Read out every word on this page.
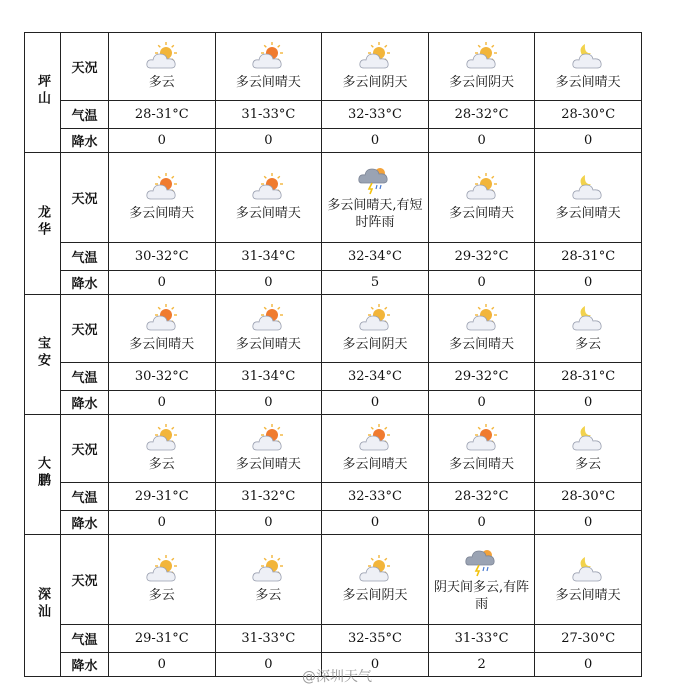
坪山	天况	多云	多云间晴天	多云间阴天	多云间阴天	多云间晴天

	气温	28-31°C	31-33°C	32-33°C	28-32°C	28-30°C
	降水	0	0	0	0	0
龙华	天况	多云间晴天	多云间晴天	多云间晴天,有短时阵雨	多云间晴天	多云间晴天

	气温	30-32°C	31-34°C	32-34°C	29-32°C	28-31°C
	降水	0	0	5	0	0
宝安	天况	多云间晴天	多云间晴天	多云间阴天	多云间晴天	多云

	气温	30-32°C	31-34°C	32-34°C	29-32°C	28-31°C
	降水	0	0	0	0	0
大鹏	天况	多云	多云间晴天	多云间晴天	多云间晴天	多云

	气温	29-31°C	31-32°C	32-33°C	28-32°C	28-30°C
	降水	0	0	0	0	0
深汕	天况	多云	多云	多云间阴天	阴天间多云,有阵雨	多云间晴天

	气温	29-31°C	31-33°C	32-35°C	31-33°C	27-30°C
	降水	0	0	0	2	0
@深圳天气
